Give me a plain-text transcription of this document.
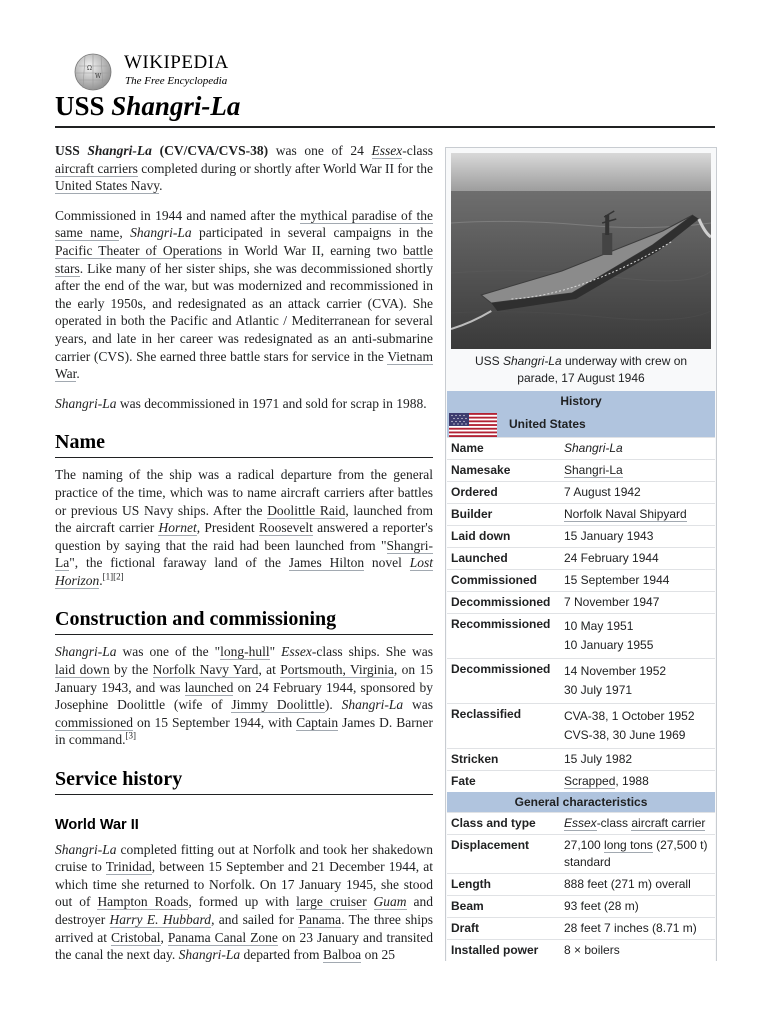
Ω
W
WIKIPEDIA
The Free Encyclopedia
USS Shangri-La

USS Shangri-La (CV/CVA/CVS-38) was one of 24 Essex-class aircraft carriers completed during or shortly after World War II for the United States Navy.

Commissioned in 1944 and named after the mythical paradise of the same name, Shangri-La participated in several campaigns in the Pacific Theater of Operations in World War II, earning two battle stars. Like many of her sister ships, she was decommissioned shortly after the end of the war, but was modernized and recommissioned in the early 1950s, and redesignated as an attack carrier (CVA). She operated in both the Pacific and Atlantic / Mediterranean for several years, and late in her career was redesignated as an anti-submarine carrier (CVS). She earned three battle stars for service in the Vietnam War.

Shangri-La was decommissioned in 1971 and sold for scrap in 1988.

Name

The naming of the ship was a radical departure from the general practice of the time, which was to name aircraft carriers after battles or previous US Navy ships. After the Doolittle Raid, launched from the aircraft carrier Hornet, President Roosevelt answered a reporter's question by saying that the raid had been launched from "Shangri-La", the fictional faraway land of the James Hilton novel Lost Horizon.[1][2]

Construction and commissioning

Shangri-La was one of the "long-hull" Essex-class ships. She was laid down by the Norfolk Navy Yard, at Portsmouth, Virginia, on 15 January 1943, and was launched on 24 February 1944, sponsored by Josephine Doolittle (wife of Jimmy Doolittle). Shangri-La was commissioned on 15 September 1944, with Captain James D. Barner in command.[3]

Service history
World War II

Shangri-La completed fitting out at Norfolk and took her shakedown cruise to Trinidad, between 15 September and 21 December 1944, at which time she returned to Norfolk. On 17 January 1945, she stood out of Hampton Roads, formed up with large cruiser Guam and destroyer Harry E. Hubbard, and sailed for Panama. The three ships arrived at Cristobal, Panama Canal Zone on 23 January and transited the canal the next day. Shangri-La departed from Balboa on 25

USS Shangri-La underway with crew on parade, 17 August 1946
History
United States
Name	Shangri-La
Namesake	Shangri-La
Ordered	7 August 1942
Builder	Norfolk Naval Shipyard
Laid down	15 January 1943
Launched	24 February 1944
Commissioned	15 September 1944
Decommissioned	7 November 1947
Recommissioned	10 May 1951
10 January 1955
Decommissioned	14 November 1952
30 July 1971
Reclassified	CVA-38, 1 October 1952
CVS-38, 30 June 1969
Stricken	15 July 1982
Fate	Scrapped, 1988
General characteristics
Class and type	Essex-class aircraft carrier
Displacement	27,100 long tons (27,500 t) standard
Length	888 feet (271 m) overall
Beam	93 feet (28 m)
Draft	28 feet 7 inches (8.71 m)
Installed power	8 × boilers
